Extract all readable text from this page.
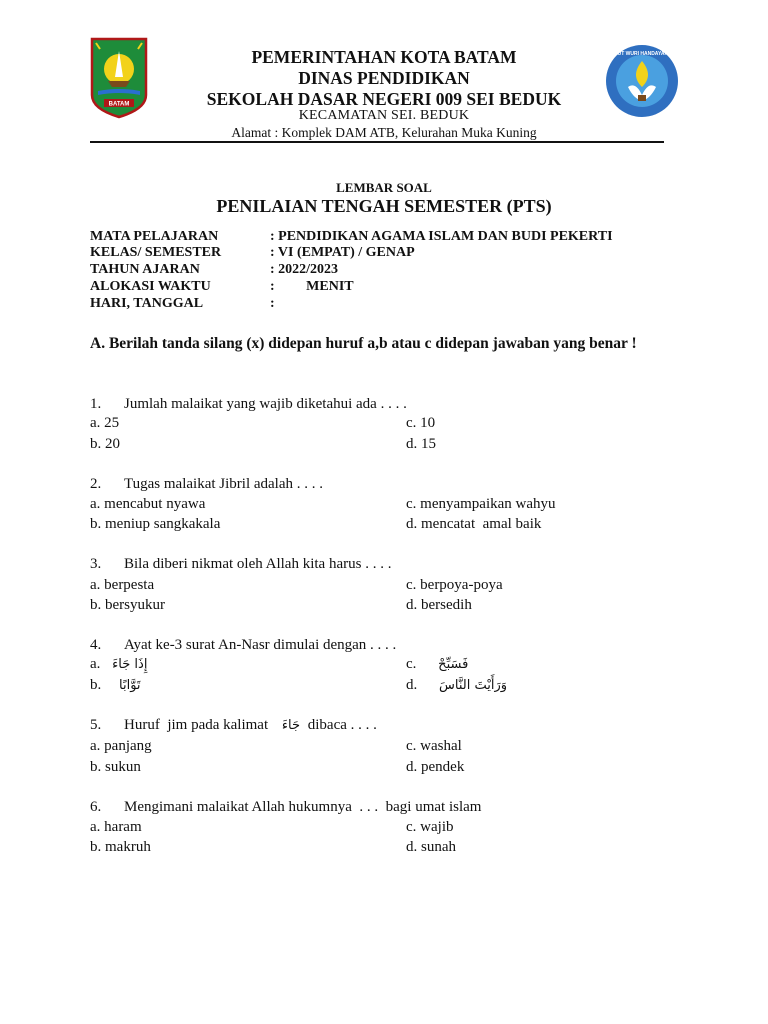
BATAM
TUT WURI HANDAYANI
PEMERINTAHAN KOTA BATAM
DINAS PENDIDIKAN
SEKOLAH DASAR NEGERI 009 SEI BEDUK
KECAMATAN SEI. BEDUK
Alamat : Komplek DAM ATB, Kelurahan Muka Kuning
LEMBAR SOAL
PENILAIAN TENGAH SEMESTER (PTS)
MATA PELAJARAN	: PENDIDIKAN AGAMA ISLAM DAN BUDI PEKERTI
KELAS/ SEMESTER	: VI (EMPAT) / GENAP
TAHUN AJARAN	: 2022/2023
ALOKASI WAKTU	:         MENIT
HARI, TANGGAL	:
A. Berilah tanda silang (x) didepan huruf a,b atau c didepan jawaban yang benar !
1. Jumlah malaikat yang wajib diketahui ada . . . .
a. 25	c. 10
b. 20	d. 15
2. Tugas malaikat Jibril adalah . . . .
a. mencabut nyawa	c. menyampaikan wahyu
b. meniup sangkakala	d. mencatat  amal baik
3. Bila diberi nikmat oleh Allah kita harus . . . .
a. berpesta	c. berpoya-poya
b. bersyukur	d. bersedih
4. Ayat ke-3 surat An-Nasr dimulai dengan . . . .
a. إِذَا جَاءَ	c. فَسَبِّحْ
b. تَوَّابًا	d. وَرَأَيْتَ النَّاسَ
5. Huruf  jim pada kalimat جَاءَ dibaca . . . .
a. panjang	c. washal
b. sukun	d. pendek
6. Mengimani malaikat Allah hukumnya  . . .  bagi umat islam
a. haram	c. wajib
b. makruh	d. sunah
